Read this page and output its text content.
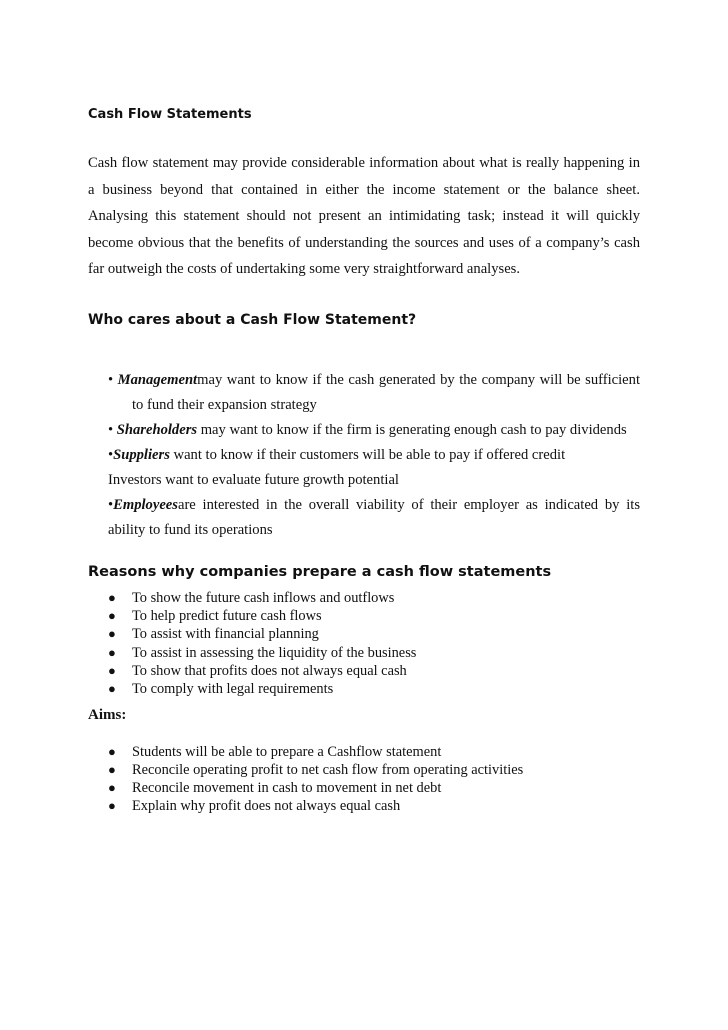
Cash Flow Statements

Cash flow statement may provide considerable information about what is really happening in a business beyond that contained in either the income statement or the balance sheet. Analysing this statement should not present an intimidating task; instead it will quickly become obvious that the benefits of understanding the sources and uses of a company’s cash far outweigh the costs of undertaking some very straightforward analyses.

Who cares about a Cash Flow Statement?
• Managementmay want to know if the cash generated by the company will be sufficient
to fund their expansion strategy
• Shareholders may want to know if the firm is generating enough cash to pay dividends
•Suppliers want to know if their customers will be able to pay if offered credit
Investors want to evaluate future growth potential
•Employeesare interested in the overall viability of their employer as indicated by its
ability to fund its operations
Reasons why companies prepare a cash flow statements
●	To show the future cash inflows and outflows
●	To help predict future cash flows
●	To assist with financial planning
●	To assist in assessing the liquidity of the business
●	To show that profits does not always equal cash
●	To comply with legal requirements
Aims:
●	Students will be able to prepare a Cashflow statement
●	Reconcile operating profit to net cash flow from operating activities
●	Reconcile movement in cash to movement in net debt
●	Explain why profit does not always equal cash
